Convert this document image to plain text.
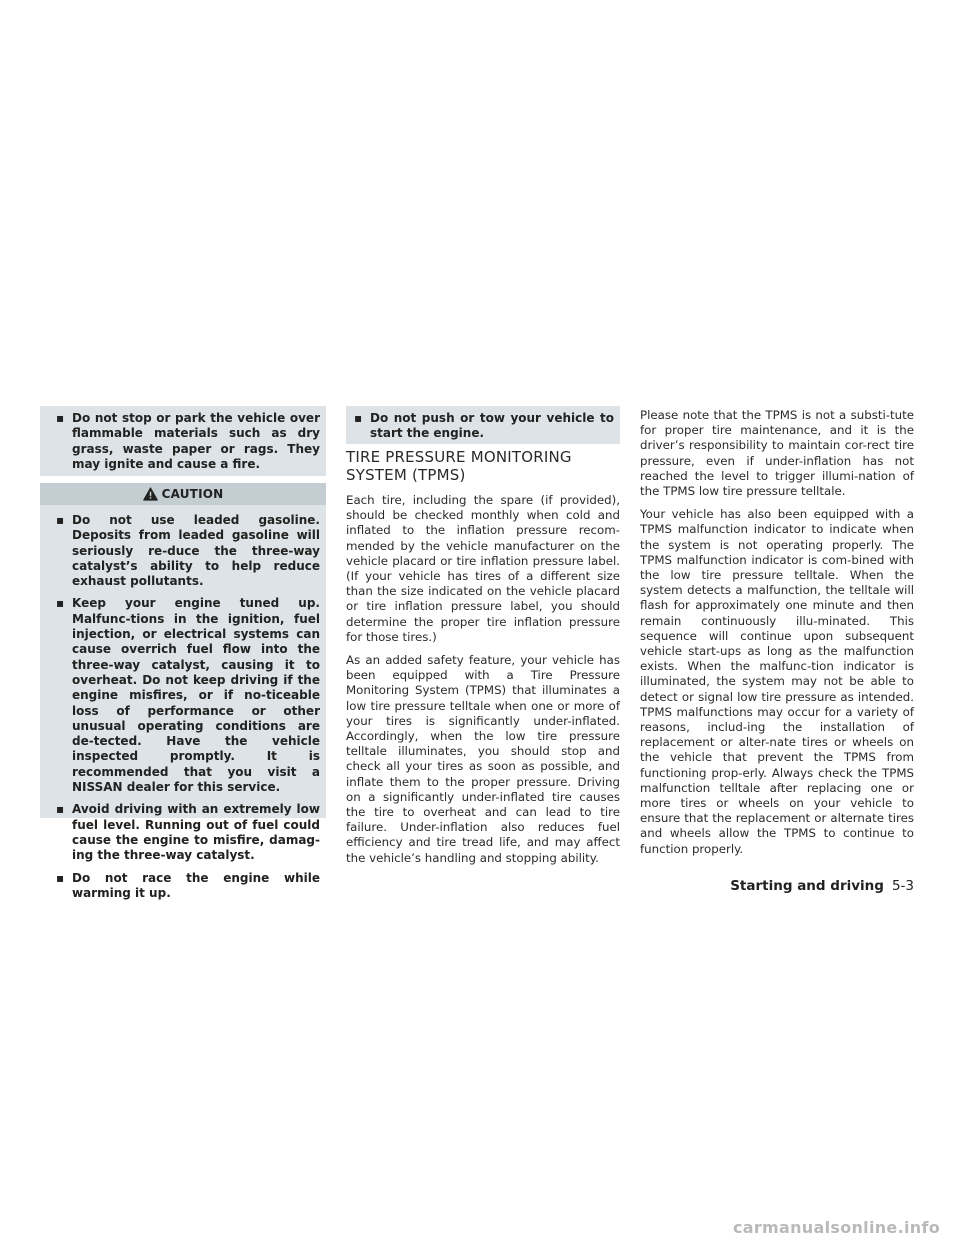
▪ Do not stop or park the vehicle over flammable materials such as dry grass, waste paper or rags. They may ignite and cause a fire.
CAUTION
▪ Do not use leaded gasoline. Deposits from leaded gasoline will seriously re-duce the three-way catalyst’s ability to help reduce exhaust pollutants.
▪ Keep your engine tuned up. Malfunc-tions in the ignition, fuel injection, or electrical systems can cause overrich fuel flow into the three-way catalyst, causing it to overheat. Do not keep driving if the engine misfires, or if no-ticeable loss of performance or other unusual operating conditions are de-tected. Have the vehicle inspected promptly. It is recommended that you visit a NISSAN dealer for this service.
▪ Avoid driving with an extremely low fuel level. Running out of fuel could cause the engine to misfire, damag-ing the three-way catalyst.
▪ Do not race the engine while warming it up.
▪ Do not push or tow your vehicle to start the engine.
TIRE PRESSURE MONITORING SYSTEM (TPMS)

Each tire, including the spare (if provided), should be checked monthly when cold and inflated to the inflation pressure recom-mended by the vehicle manufacturer on the vehicle placard or tire inflation pressure label. (If your vehicle has tires of a different size than the size indicated on the vehicle placard or tire inflation pressure label, you should determine the proper tire inflation pressure for those tires.)

As an added safety feature, your vehicle has been equipped with a Tire Pressure Monitoring System (TPMS) that illuminates a low tire pressure telltale when one or more of your tires is significantly under-inflated. Accordingly, when the low tire pressure telltale illuminates, you should stop and check all your tires as soon as possible, and inflate them to the proper pressure. Driving on a significantly under-inflated tire causes the tire to overheat and can lead to tire failure. Under-inflation also reduces fuel efficiency and tire tread life, and may affect the vehicle’s handling and stopping ability.

Please note that the TPMS is not a substi-tute for proper tire maintenance, and it is the driver’s responsibility to maintain cor-rect tire pressure, even if under-inflation has not reached the level to trigger illumi-nation of the TPMS low tire pressure telltale.

Your vehicle has also been equipped with a TPMS malfunction indicator to indicate when the system is not operating properly. The TPMS malfunction indicator is com-bined with the low tire pressure telltale. When the system detects a malfunction, the telltale will flash for approximately one minute and then remain continuously illu-minated. This sequence will continue upon subsequent vehicle start-ups as long as the malfunction exists. When the malfunc-tion indicator is illuminated, the system may not be able to detect or signal low tire pressure as intended. TPMS malfunctions may occur for a variety of reasons, includ-ing the installation of replacement or alter-nate tires or wheels on the vehicle that prevent the TPMS from functioning prop-erly. Always check the TPMS malfunction telltale after replacing one or more tires or wheels on your vehicle to ensure that the replacement or alternate tires and wheels allow the TPMS to continue to function properly.

Starting and driving 5-3
carmanualsonline.info
